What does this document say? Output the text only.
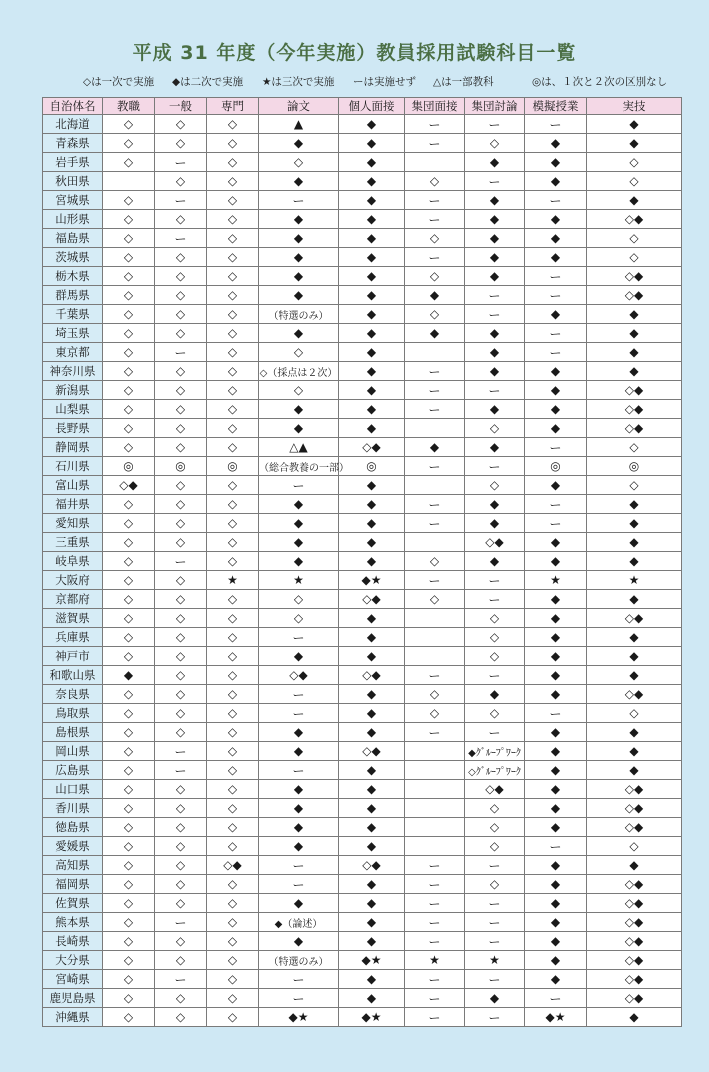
平成 31 年度（今年実施）教員採用試験科目一覧
◇は一次で実施 ◆は二次で実施 ★は三次で実施 ーは実施せず △は一部教科	◎は、１次と２次の区別なし
自治体名	教職	一般	専門	論文	個人面接	集団面接	集団討論	模擬授業	実技
北海道	◇	◇	◇	▲	◆	ー	ー	ー	◆
青森県	◇	◇	◇	◆	◆	ー	◇	◆	◆
岩手県	◇	ー	◇	◇	◆		◆	◆	◇
秋田県		◇	◇	◆	◆	◇	ー	◆	◇
宮城県	◇	ー	◇	ー	◆	ー	◆	ー	◆
山形県	◇	◇	◇	◆	◆	ー	◆	◆	◇◆
福島県	◇	ー	◇	◆	◆	◇	◆	◆	◇
茨城県	◇	◇	◇	◆	◆	ー	◆	◆	◇
栃木県	◇	◇	◇	◆	◆	◇	◆	ー	◇◆
群馬県	◇	◇	◇	◆	◆	◆	ー	ー	◇◆
千葉県	◇	◇	◇	（特選のみ）	◆	◇	ー	◆	◆
埼玉県	◇	◇	◇	◆	◆	◆	◆	ー	◆
東京都	◇	ー	◇	◇	◆		◆	ー	◆
神奈川県	◇	◇	◇	◇（採点は２次）	◆	ー	◆	◆	◆
新潟県	◇	◇	◇	◇	◆	ー	ー	◆	◇◆
山梨県	◇	◇	◇	◆	◆	ー	◆	◆	◇◆
長野県	◇	◇	◇	◆	◆		◇	◆	◇◆
静岡県	◇	◇	◇	△▲	◇◆	◆	◆	ー	◇
石川県	◎	◎	◎	（総合教養の一部）	◎	ー	ー	◎	◎
富山県	◇◆	◇	◇	ー	◆		◇	◆	◇
福井県	◇	◇	◇	◆	◆	ー	◆	ー	◆
愛知県	◇	◇	◇	◆	◆	ー	◆	ー	◆
三重県	◇	◇	◇	◆	◆		◇◆	◆	◆
岐阜県	◇	ー	◇	◆	◆	◇	◆	◆	◆
大阪府	◇	◇	★	★	◆★	ー	ー	★	★
京都府	◇	◇	◇	◇	◇◆	◇	ー	◆	◆
滋賀県	◇	◇	◇	◇	◆		◇	◆	◇◆
兵庫県	◇	◇	◇	ー	◆		◇	◆	◆
神戸市	◇	◇	◇	◆	◆		◇	◆	◆
和歌山県	◆	◇	◇	◇◆	◇◆	ー	ー	◆	◆
奈良県	◇	◇	◇	ー	◆	◇	◆	◆	◇◆
鳥取県	◇	◇	◇	ー	◆	◇	◇	ー	◇
島根県	◇	◇	◇	◆	◆	ー	ー	◆	◆
岡山県	◇	ー	◇	◆	◇◆		◆ｸﾞﾙｰﾌﾟﾜｰｸ	◆	◆
広島県	◇	ー	◇	ー	◆		◇ｸﾞﾙｰﾌﾟﾜｰｸ	◆	◆
山口県	◇	◇	◇	◆	◆		◇◆	◆	◇◆
香川県	◇	◇	◇	◆	◆		◇	◆	◇◆
徳島県	◇	◇	◇	◆	◆		◇	◆	◇◆
愛媛県	◇	◇	◇	◆	◆		◇	ー	◇
高知県	◇	◇	◇◆	ー	◇◆	ー	ー	◆	◆
福岡県	◇	◇	◇	ー	◆	ー	◇	◆	◇◆
佐賀県	◇	◇	◇	◆	◆	ー	ー	◆	◇◆
熊本県	◇	ー	◇	◆（論述）	◆	ー	ー	◆	◇◆
長崎県	◇	◇	◇	◆	◆	ー	ー	◆	◇◆
大分県	◇	◇	◇	（特選のみ）	◆★	★	★	◆	◇◆
宮崎県	◇	ー	◇	ー	◆	ー	ー	◆	◇◆
鹿児島県	◇	◇	◇	ー	◆	ー	◆	ー	◇◆
沖縄県	◇	◇	◇	◆★	◆★	ー	ー	◆★	◆
